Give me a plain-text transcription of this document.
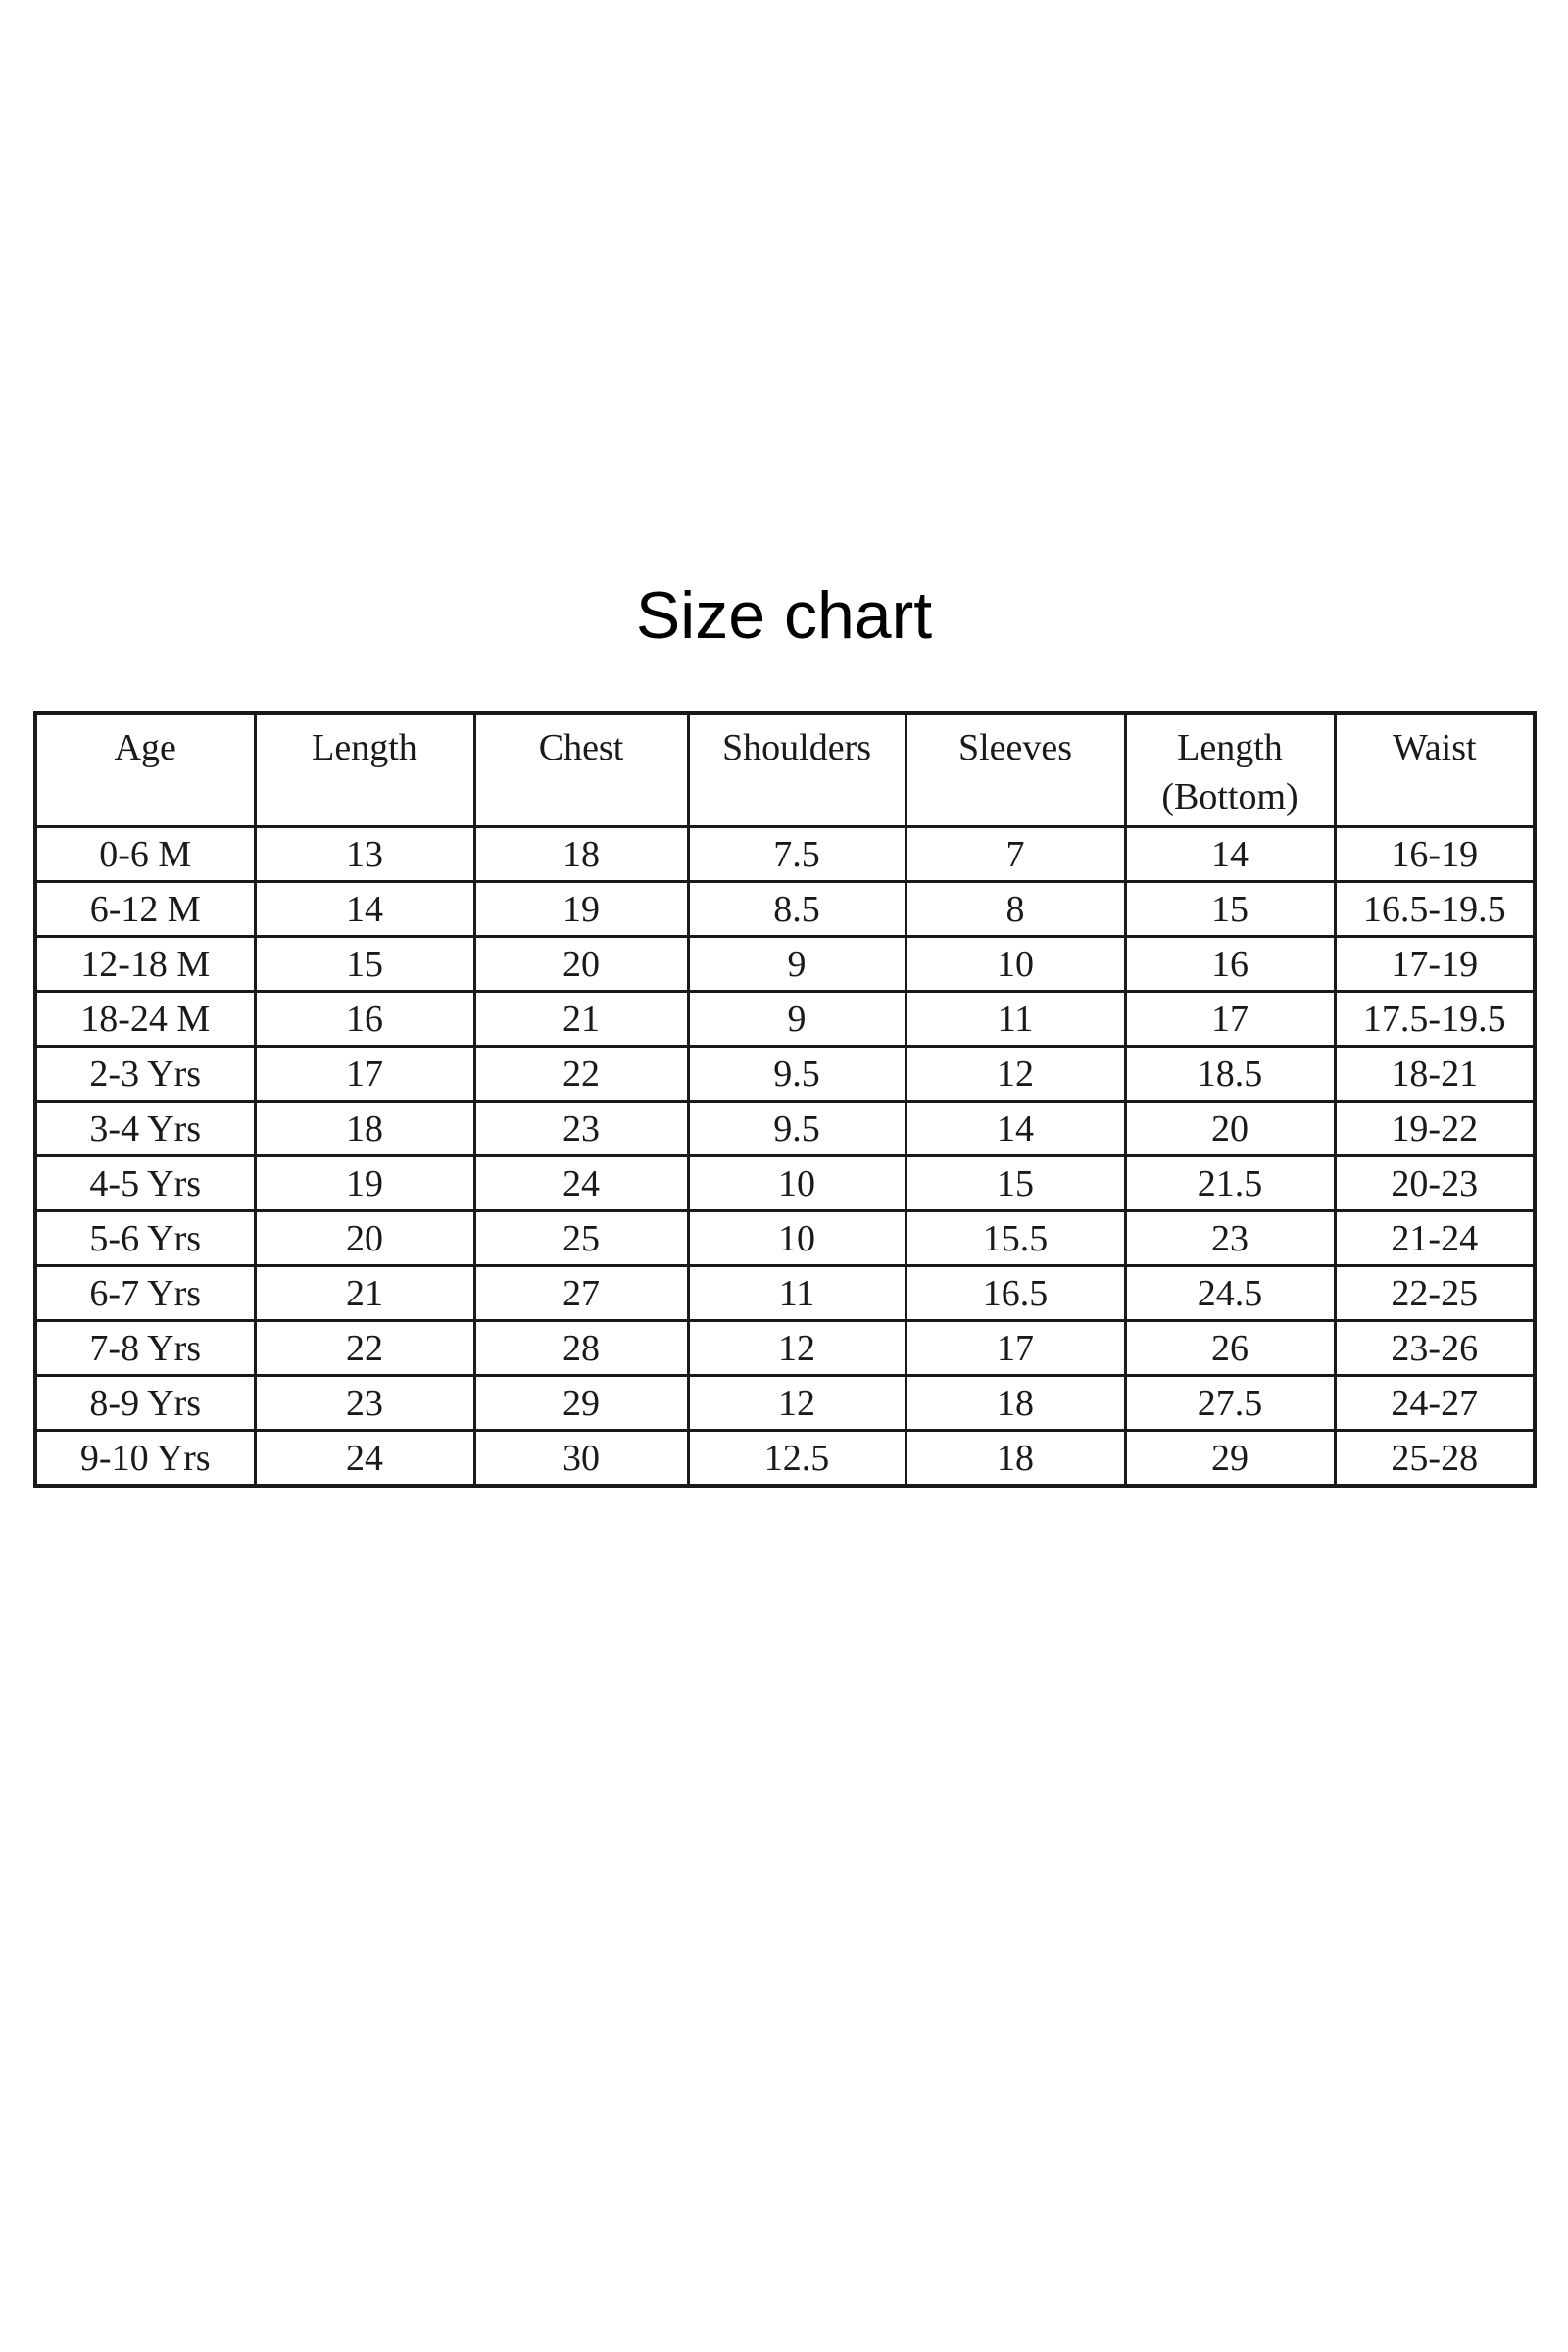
Size chart
Age	Length	Chest	Shoulders	Sleeves	Length (Bottom)	Waist
0-6 M	13	18	7.5	7	14	16-19
6-12 M	14	19	8.5	8	15	16.5-19.5
12-18 M	15	20	9	10	16	17-19
18-24 M	16	21	9	11	17	17.5-19.5
2-3 Yrs	17	22	9.5	12	18.5	18-21
3-4 Yrs	18	23	9.5	14	20	19-22
4-5 Yrs	19	24	10	15	21.5	20-23
5-6 Yrs	20	25	10	15.5	23	21-24
6-7 Yrs	21	27	11	16.5	24.5	22-25
7-8 Yrs	22	28	12	17	26	23-26
8-9 Yrs	23	29	12	18	27.5	24-27
9-10 Yrs	24	30	12.5	18	29	25-28
